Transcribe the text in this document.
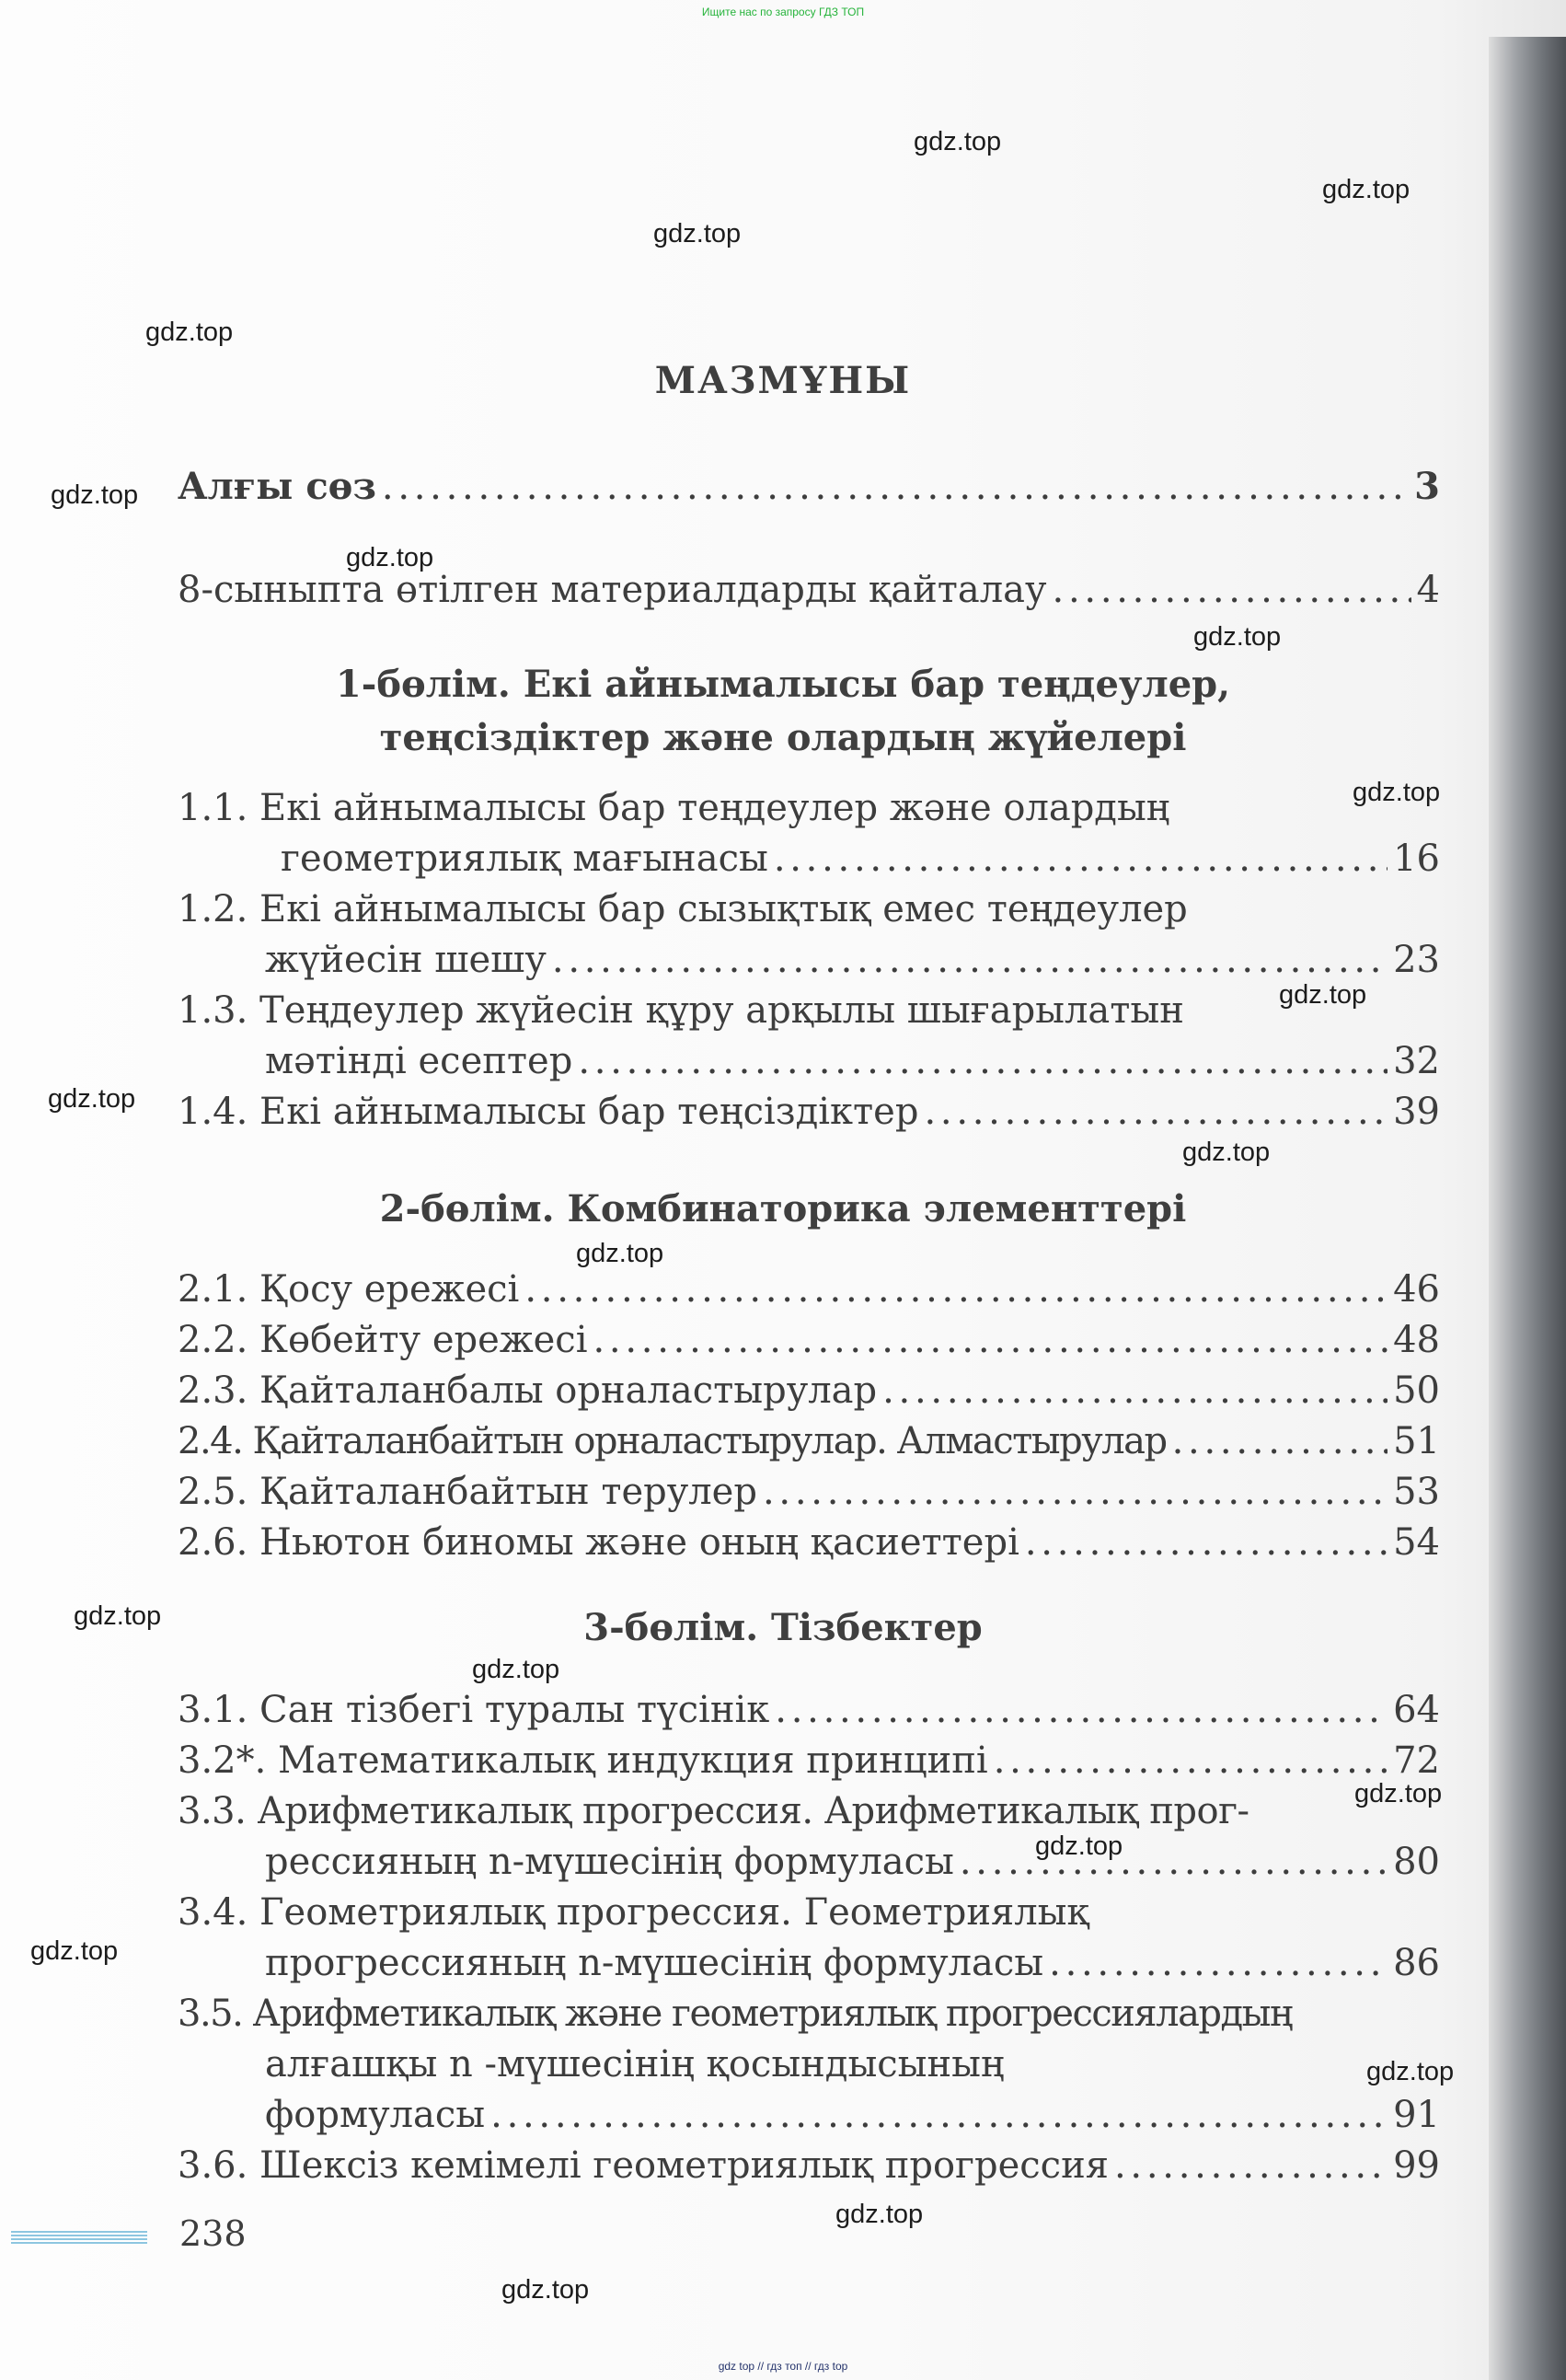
Ищите нас по запросу ГДЗ ТОП
МАЗМҰНЫ
Алғы сөз . . .	3
8-сыныпта өтілген материалдарды қайталау . . .	4
1-бөлім. Екі айнымалысы бар теңдеулер,
теңсіздіктер және олардың жүйелері
1.1. Екі айнымалысы бар теңдеулер және олардың
геометриялық мағынасы . . .	16
1.2. Екі айнымалысы бар сызықтық емес теңдеулер
жүйесін шешу . . .	23
1.3. Теңдеулер жүйесін құру арқылы шығарылатын
мәтінді есептер . . .	32
1.4. Екі айнымалысы бар теңсіздіктер . . .	39
2-бөлім. Комбинаторика элементтері
2.1. Қосу ережесі . . .	46
2.2. Көбейту ережесі . . .	48
2.3. Қайталанбалы орналастырулар . . .	50
2.4. Қайталанбайтын орналастырулар. Алмастырулар . . .	51
2.5. Қайталанбайтын терулер . . .	53
2.6. Ньютон биномы және оның қасиеттері . . .	54
3-бөлім. Тізбектер
3.1. Сан тізбегі туралы түсінік . . .	64
3.2*. Математикалық индукция принципі . . .	72
3.3. Арифметикалық прогрессия. Арифметикалық прог-
рессияның n-мүшесінің формуласы . . .	80
3.4. Геометриялық прогрессия. Геометриялық
прогрессияның n-мүшесінің формуласы . . .	86
3.5. Арифметикалық және геометриялық прогрессиялардың
алғашқы n -мүшесінің қосындысының
формуласы . . .	91
3.6. Шексіз кемімелі геометриялық прогрессия . . .	99
238
gdz.top
gdz.top
gdz.top
gdz.top
gdz.top
gdz.top
gdz.top
gdz.top
gdz.top
gdz.top
gdz.top
gdz.top
gdz.top
gdz.top
gdz.top
gdz.top
gdz.top
gdz.top
gdz.top
gdz.top
gdz top // гдз топ // гдз top
